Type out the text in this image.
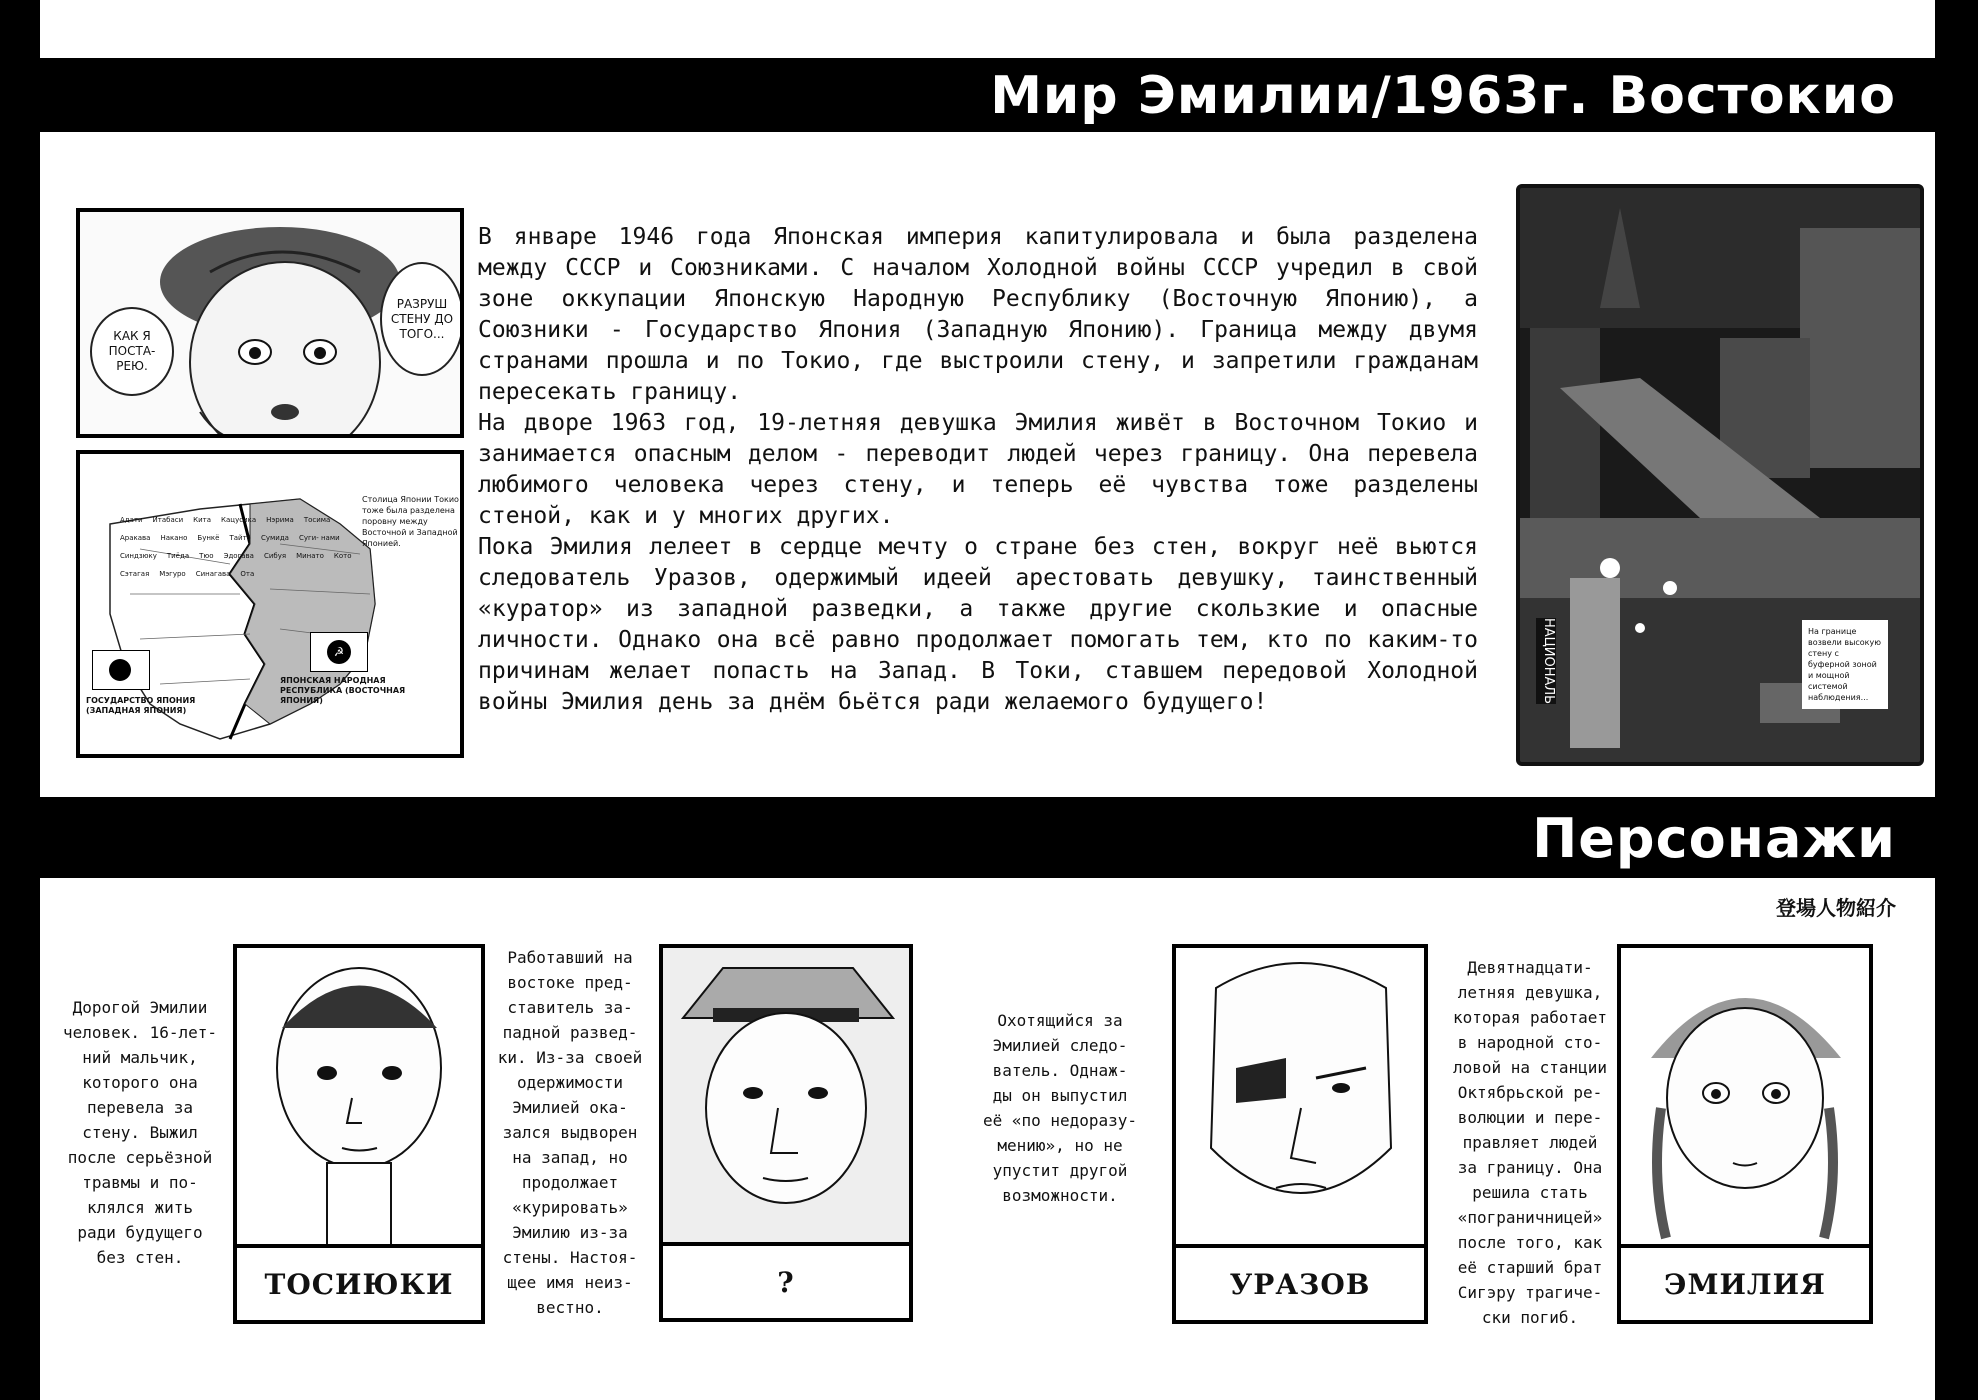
Мир Эмилии/1963г. Востокио
КАК Я ПОСТА- РЕЮ.
РАЗРУШ СТЕНУ ДО ТОГО...
Адати Итабаси Кита Кацусика Нэрима Тосима
Аракава Накано Бункё Тайто Сумида Суги- нами
Синдзюку Тиёда Тюо Эдогава Сибуя Минато Кото
Сэтагая Мэгуро Синагава Ота
Столица Японии Токио тоже была разделена поровну между Восточной и Западной Японией.
☭
ГОСУДАРСТВО ЯПОНИЯ (ЗАПАДНАЯ ЯПОНИЯ)
ЯПОНСКАЯ НАРОДНАЯ РЕСПУБЛИКА (ВОСТОЧНАЯ ЯПОНИЯ)

В январе 1946 года Японская империя капитулировала и была разделена между СССР и Союзниками. С началом Холодной войны СССР учредил в свой зоне оккупации Японскую Народную Республику (Восточную Японию), а Союзники - Государство Япония (Западную Японию). Граница между двумя странами прошла и по Токио, где выстроили стену, и запретили гражданам пересекать границу.

На дворе 1963 год, 19-летняя девушка Эмилия живёт в Восточном Токио и занимается опасным делом - переводит людей через границу. Она перевела любимого человека через стену, и теперь её чувства тоже разделены стеной, как и у многих других.

Пока Эмилия лелеет в сердце мечту о стране без стен, вокруг неё вьются следователь Уразов, одержимый идеей арестовать девушку, таинственный «куратор» из западной разведки, а также другие скользкие и опасные личности. Однако она всё равно продолжает помогать тем, кто по каким-то причинам желает попасть на Запад. В Токи, ставшем передовой Холодной войны Эмилия день за днём бьётся ради желаемого будущего!	НАЦИОНАЛЬ	На границе возвели высокую стену с буферной зоной и мощной системой наблюдения...
Персонажи
登場人物紹介
Дорогой Эмилии
человек. 16-лет-
ний мальчик,
которого она
перевела за
стену. Выжил
после серьёзной
травмы и по-
клялся жить
ради будущего
без стен.
ТОСИЮКИ
Работавший на
востоке пред-
ставитель за-
падной развед-
ки. Из-за своей
одержимости
Эмилией ока-
зался выдворен
на запад, но
продолжает
«курировать»
Эмилию из-за
стены. Настоя-
щее имя неиз-
вестно.
?
Охотящийся за
Эмилией следо-
ватель. Однаж-
ды он выпустил
её «по недоразу-
мению», но не
упустит другой
возможности.
УРАЗОВ
Девятнадцати-
летняя девушка,
которая работает
в народной сто-
ловой на станции
Октябрьской ре-
волюции и пере-
правляет людей
за границу. Она
решила стать
«пограничницей»
после того, как
её старший брат
Сигэру трагиче-
ски погиб.
ЭМИЛИЯ
